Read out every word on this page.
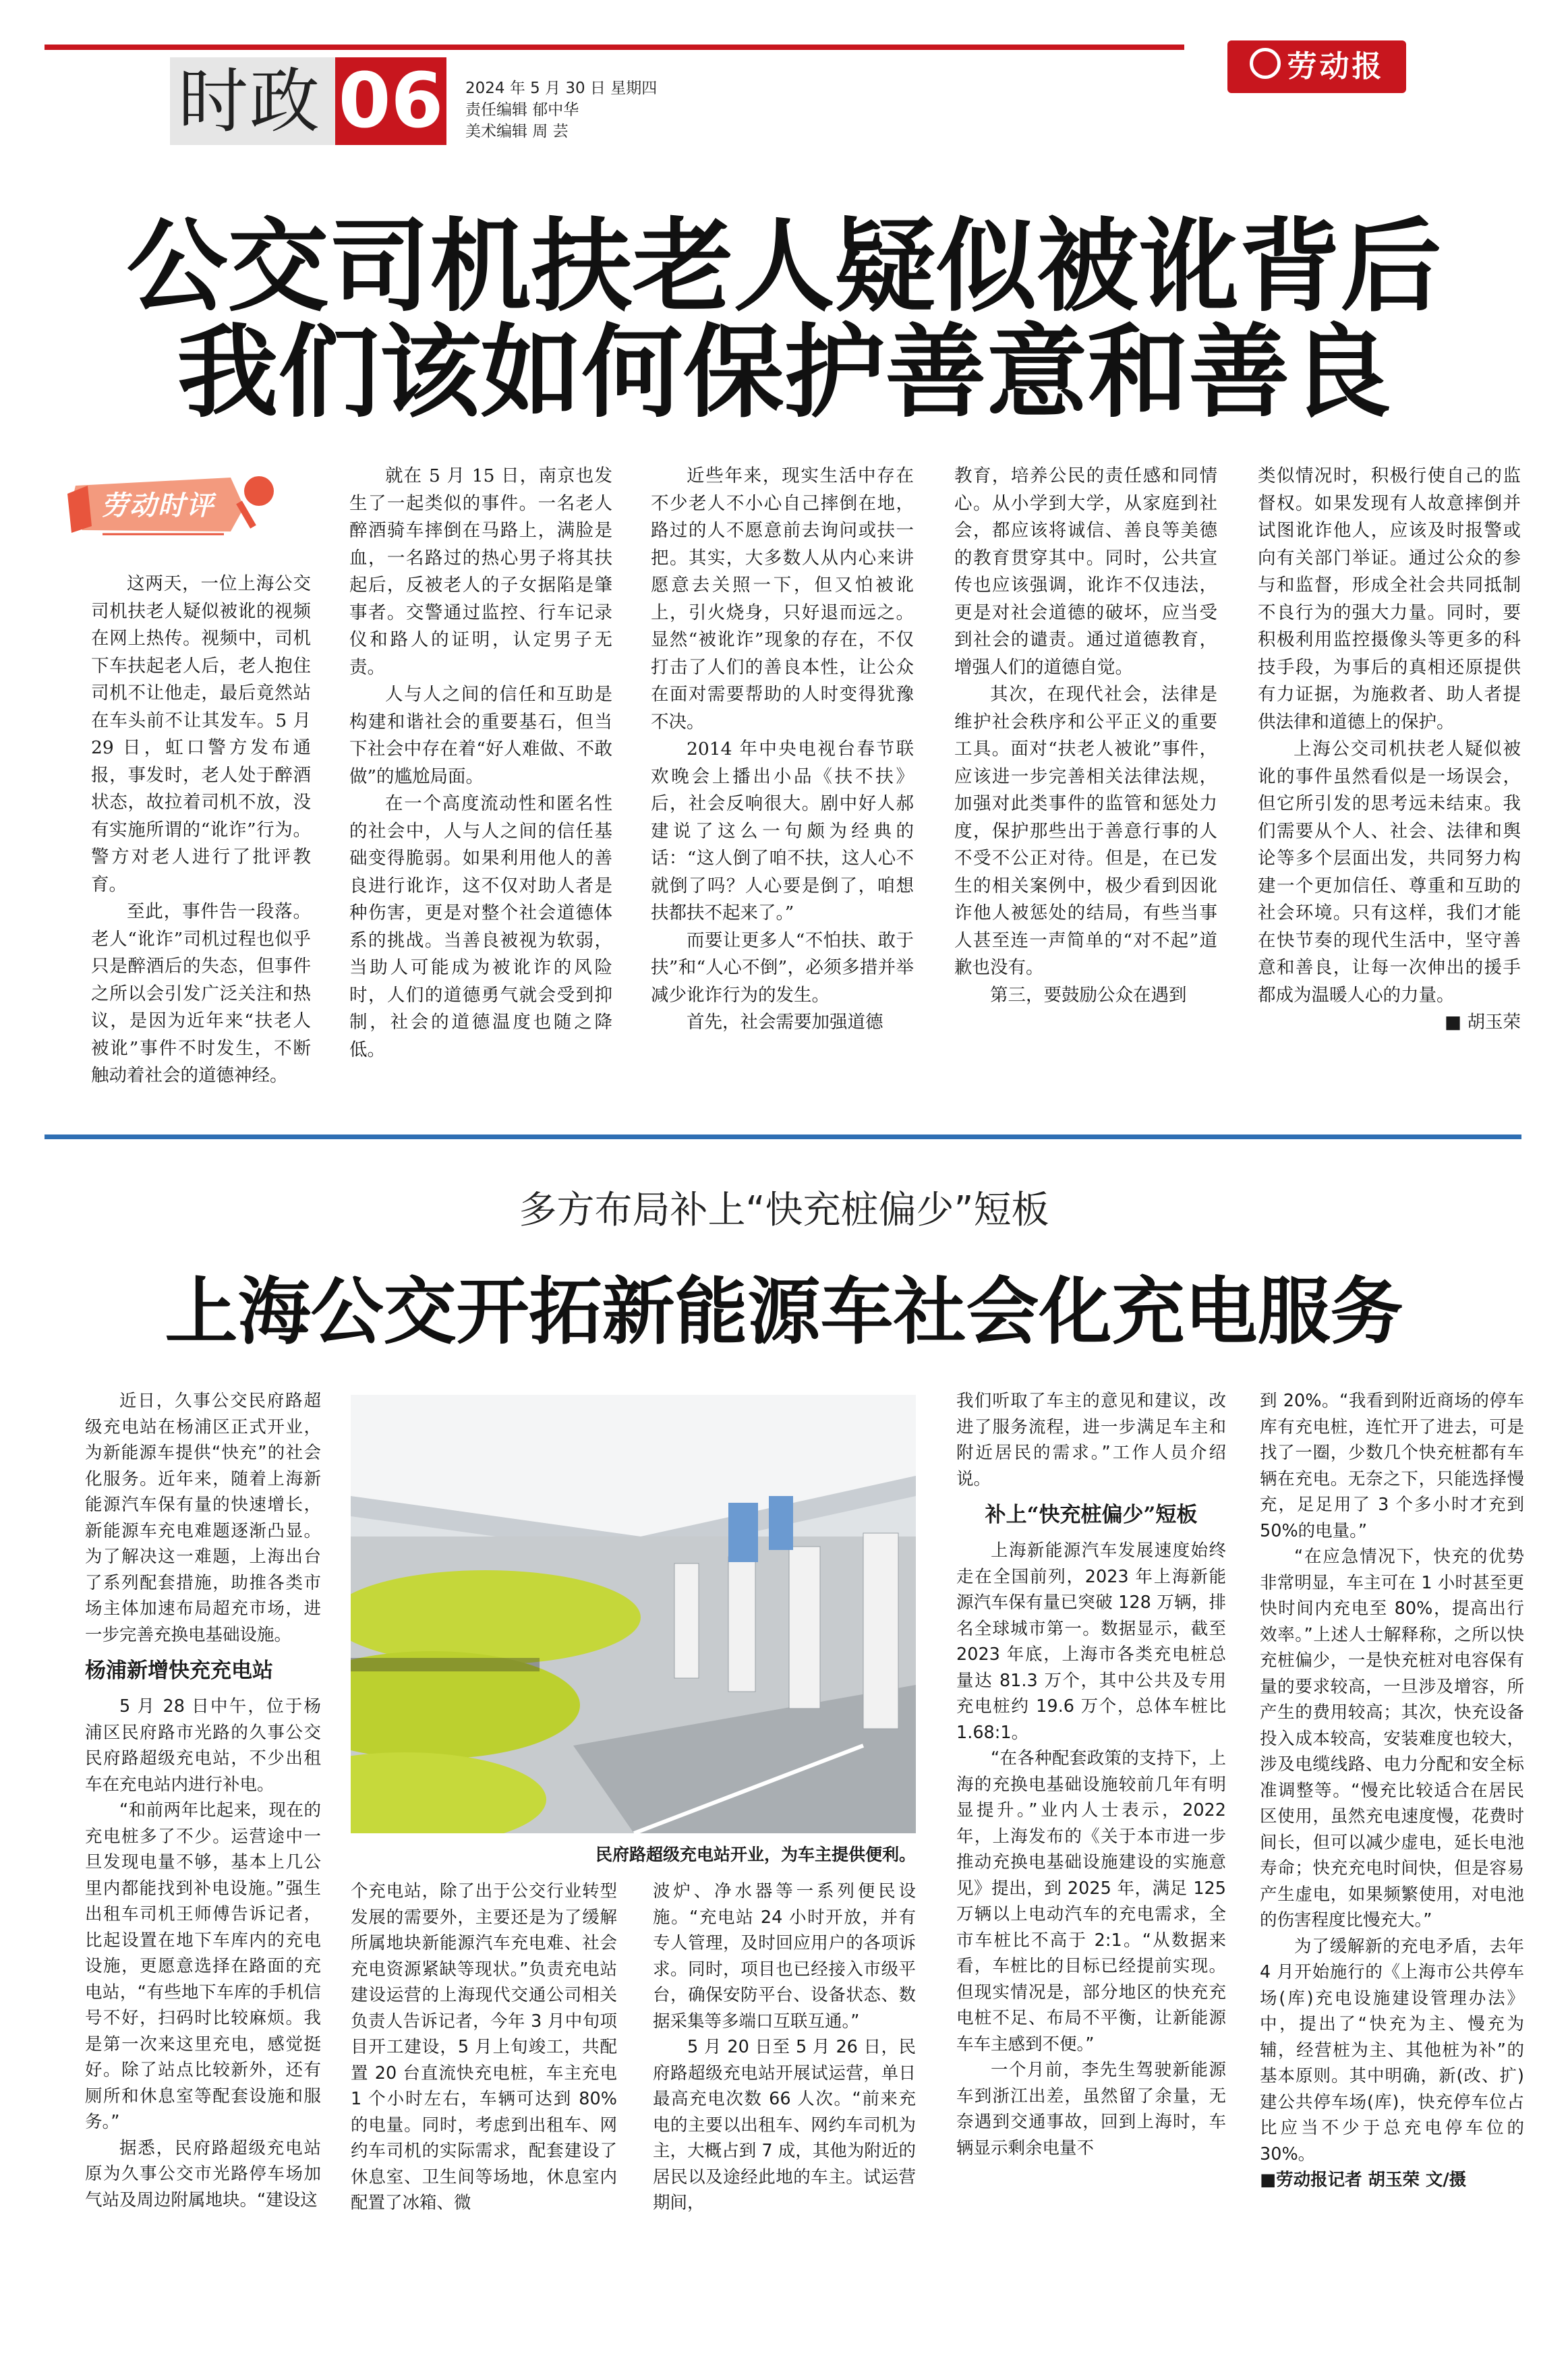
时政 06 2024 年 5 月 30 日 星期四
责任编辑 郁中华
美术编辑 周 芸
劳动报
公交司机扶老人疑似被讹背后
我们该如何保护善意和善良
劳动时评

这两天，一位上海公交司机扶老人疑似被讹的视频在网上热传。视频中，司机下车扶起老人后，老人抱住司机不让他走，最后竟然站在车头前不让其发车。5 月 29 日，虹口警方发布通报，事发时，老人处于醉酒状态，故拉着司机不放，没有实施所谓的“讹诈”行为。警方对老人进行了批评教育。

至此，事件告一段落。老人“讹诈”司机过程也似乎只是醉酒后的失态，但事件之所以会引发广泛关注和热议，是因为近年来“扶老人被讹”事件不时发生，不断触动着社会的道德神经。

就在 5 月 15 日，南京也发生了一起类似的事件。一名老人醉酒骑车摔倒在马路上，满脸是血，一名路过的热心男子将其扶起后，反被老人的子女据陷是肇事者。交警通过监控、行车记录仪和路人的证明，认定男子无责。

人与人之间的信任和互助是构建和谐社会的重要基石，但当下社会中存在着“好人难做、不敢做”的尴尬局面。

在一个高度流动性和匿名性的社会中，人与人之间的信任基础变得脆弱。如果利用他人的善良进行讹诈，这不仅对助人者是种伤害，更是对整个社会道德体系的挑战。当善良被视为软弱，当助人可能成为被讹诈的风险时，人们的道德勇气就会受到抑制，社会的道德温度也随之降低。

近些年来，现实生活中存在不少老人不小心自己摔倒在地，路过的人不愿意前去询问或扶一把。其实，大多数人从内心来讲愿意去关照一下，但又怕被讹上，引火烧身，只好退而远之。显然“被讹诈”现象的存在，不仅打击了人们的善良本性，让公众在面对需要帮助的人时变得犹豫不决。

2014 年中央电视台春节联欢晚会上播出小品《扶不扶》后，社会反响很大。剧中好人郝建说了这么一句颇为经典的话：“这人倒了咱不扶，这人心不就倒了吗？人心要是倒了，咱想扶都扶不起来了。”

而要让更多人“不怕扶、敢于扶”和“人心不倒”，必须多措并举减少讹诈行为的发生。

首先，社会需要加强道德

教育，培养公民的责任感和同情心。从小学到大学，从家庭到社会，都应该将诚信、善良等美德的教育贯穿其中。同时，公共宣传也应该强调，讹诈不仅违法，更是对社会道德的破坏，应当受到社会的谴责。通过道德教育，增强人们的道德自觉。

其次，在现代社会，法律是维护社会秩序和公平正义的重要工具。面对“扶老人被讹”事件，应该进一步完善相关法律法规，加强对此类事件的监管和惩处力度，保护那些出于善意行事的人不受不公正对待。但是，在已发生的相关案例中，极少看到因讹诈他人被惩处的结局，有些当事人甚至连一声简单的“对不起”道歉也没有。

第三，要鼓励公众在遇到

类似情况时，积极行使自己的监督权。如果发现有人故意摔倒并试图讹诈他人，应该及时报警或向有关部门举证。通过公众的参与和监督，形成全社会共同抵制不良行为的强大力量。同时，要积极利用监控摄像头等更多的科技手段，为事后的真相还原提供有力证据，为施救者、助人者提供法律和道德上的保护。

上海公交司机扶老人疑似被讹的事件虽然看似是一场误会，但它所引发的思考远未结束。我们需要从个人、社会、法律和舆论等多个层面出发，共同努力构建一个更加信任、尊重和互助的社会环境。只有这样，我们才能在快节奏的现代生活中，坚守善意和善良，让每一次伸出的援手都成为温暖人心的力量。

■ 胡玉荣

多方布局补上“快充桩偏少”短板
上海公交开拓新能源车社会化充电服务

近日，久事公交民府路超级充电站在杨浦区正式开业，为新能源车提供“快充”的社会化服务。近年来，随着上海新能源汽车保有量的快速增长，新能源车充电难题逐渐凸显。为了解决这一难题，上海出台了系列配套措施，助推各类市场主体加速布局超充市场，进一步完善充换电基础设施。

杨浦新增快充充电站

5 月 28 日中午，位于杨浦区民府路市光路的久事公交民府路超级充电站，不少出租车在充电站内进行补电。

“和前两年比起来，现在的充电桩多了不少。运营途中一旦发现电量不够，基本上几公里内都能找到补电设施。”强生出租车司机王师傅告诉记者，比起设置在地下车库内的充电设施，更愿意选择在路面的充电站，“有些地下车库的手机信号不好，扫码时比较麻烦。我是第一次来这里充电，感觉挺好。除了站点比较新外，还有厕所和休息室等配套设施和服务。”

据悉，民府路超级充电站原为久事公交市光路停车场加气站及周边附属地块。“建设这

民府路超级充电站开业，为车主提供便利。

个充电站，除了出于公交行业转型发展的需要外，主要还是为了缓解所属地块新能源汽车充电难、社会充电资源紧缺等现状。”负责充电站建设运营的上海现代交通公司相关负责人告诉记者，今年 3 月中旬项目开工建设，5 月上旬竣工，共配置 20 台直流快充电桩，车主充电 1 个小时左右，车辆可达到 80%的电量。同时，考虑到出租车、网约车司机的实际需求，配套建设了休息室、卫生间等场地，休息室内配置了冰箱、微

波炉、净水器等一系列便民设施。“充电站 24 小时开放，并有专人管理，及时回应用户的各项诉求。同时，项目也已经接入市级平台，确保安防平台、设备状态、数据采集等多端口互联互通。”

5 月 20 日至 5 月 26 日，民府路超级充电站开展试运营，单日最高充电次数 66 人次。“前来充电的主要以出租车、网约车司机为主，大概占到 7 成，其他为附近的居民以及途经此地的车主。试运营期间，

我们听取了车主的意见和建议，改进了服务流程，进一步满足车主和附近居民的需求。”工作人员介绍说。

补上“快充桩偏少”短板

上海新能源汽车发展速度始终走在全国前列，2023 年上海新能源汽车保有量已突破 128 万辆，排名全球城市第一。数据显示，截至 2023 年底，上海市各类充电桩总量达 81.3 万个，其中公共及专用充电桩约 19.6 万个，总体车桩比 1.68:1。

“在各种配套政策的支持下，上海的充换电基础设施较前几年有明显提升。”业内人士表示，2022 年，上海发布的《关于本市进一步推动充换电基础设施建设的实施意见》提出，到 2025 年，满足 125 万辆以上电动汽车的充电需求，全市车桩比不高于 2:1。“从数据来看，车桩比的目标已经提前实现。但现实情况是，部分地区的快充充电桩不足、布局不平衡，让新能源车车主感到不便。”

一个月前，李先生驾驶新能源车到浙江出差，虽然留了余量，无奈遇到交通事故，回到上海时，车辆显示剩余电量不

到 20%。“我看到附近商场的停车库有充电桩，连忙开了进去，可是找了一圈，少数几个快充桩都有车辆在充电。无奈之下，只能选择慢充，足足用了 3 个多小时才充到 50%的电量。”

“在应急情况下，快充的优势非常明显，车主可在 1 小时甚至更快时间内充电至 80%，提高出行效率。”上述人士解释称，之所以快充桩偏少，一是快充桩对电容保有量的要求较高，一旦涉及增容，所产生的费用较高；其次，快充设备投入成本较高，安装难度也较大，涉及电缆线路、电力分配和安全标准调整等。“慢充比较适合在居民区使用，虽然充电速度慢，花费时间长，但可以减少虚电，延长电池寿命；快充充电时间快，但是容易产生虚电，如果频繁使用，对电池的伤害程度比慢充大。”

为了缓解新的充电矛盾，去年 4 月开始施行的《上海市公共停车场(库)充电设施建设管理办法》中，提出了“快充为主、慢充为辅，经营桩为主、其他桩为补”的基本原则。其中明确，新(改、扩)建公共停车场(库)，快充停车位占比应当不少于总充电停车位的 30%。

■劳动报记者 胡玉荣 文/摄
